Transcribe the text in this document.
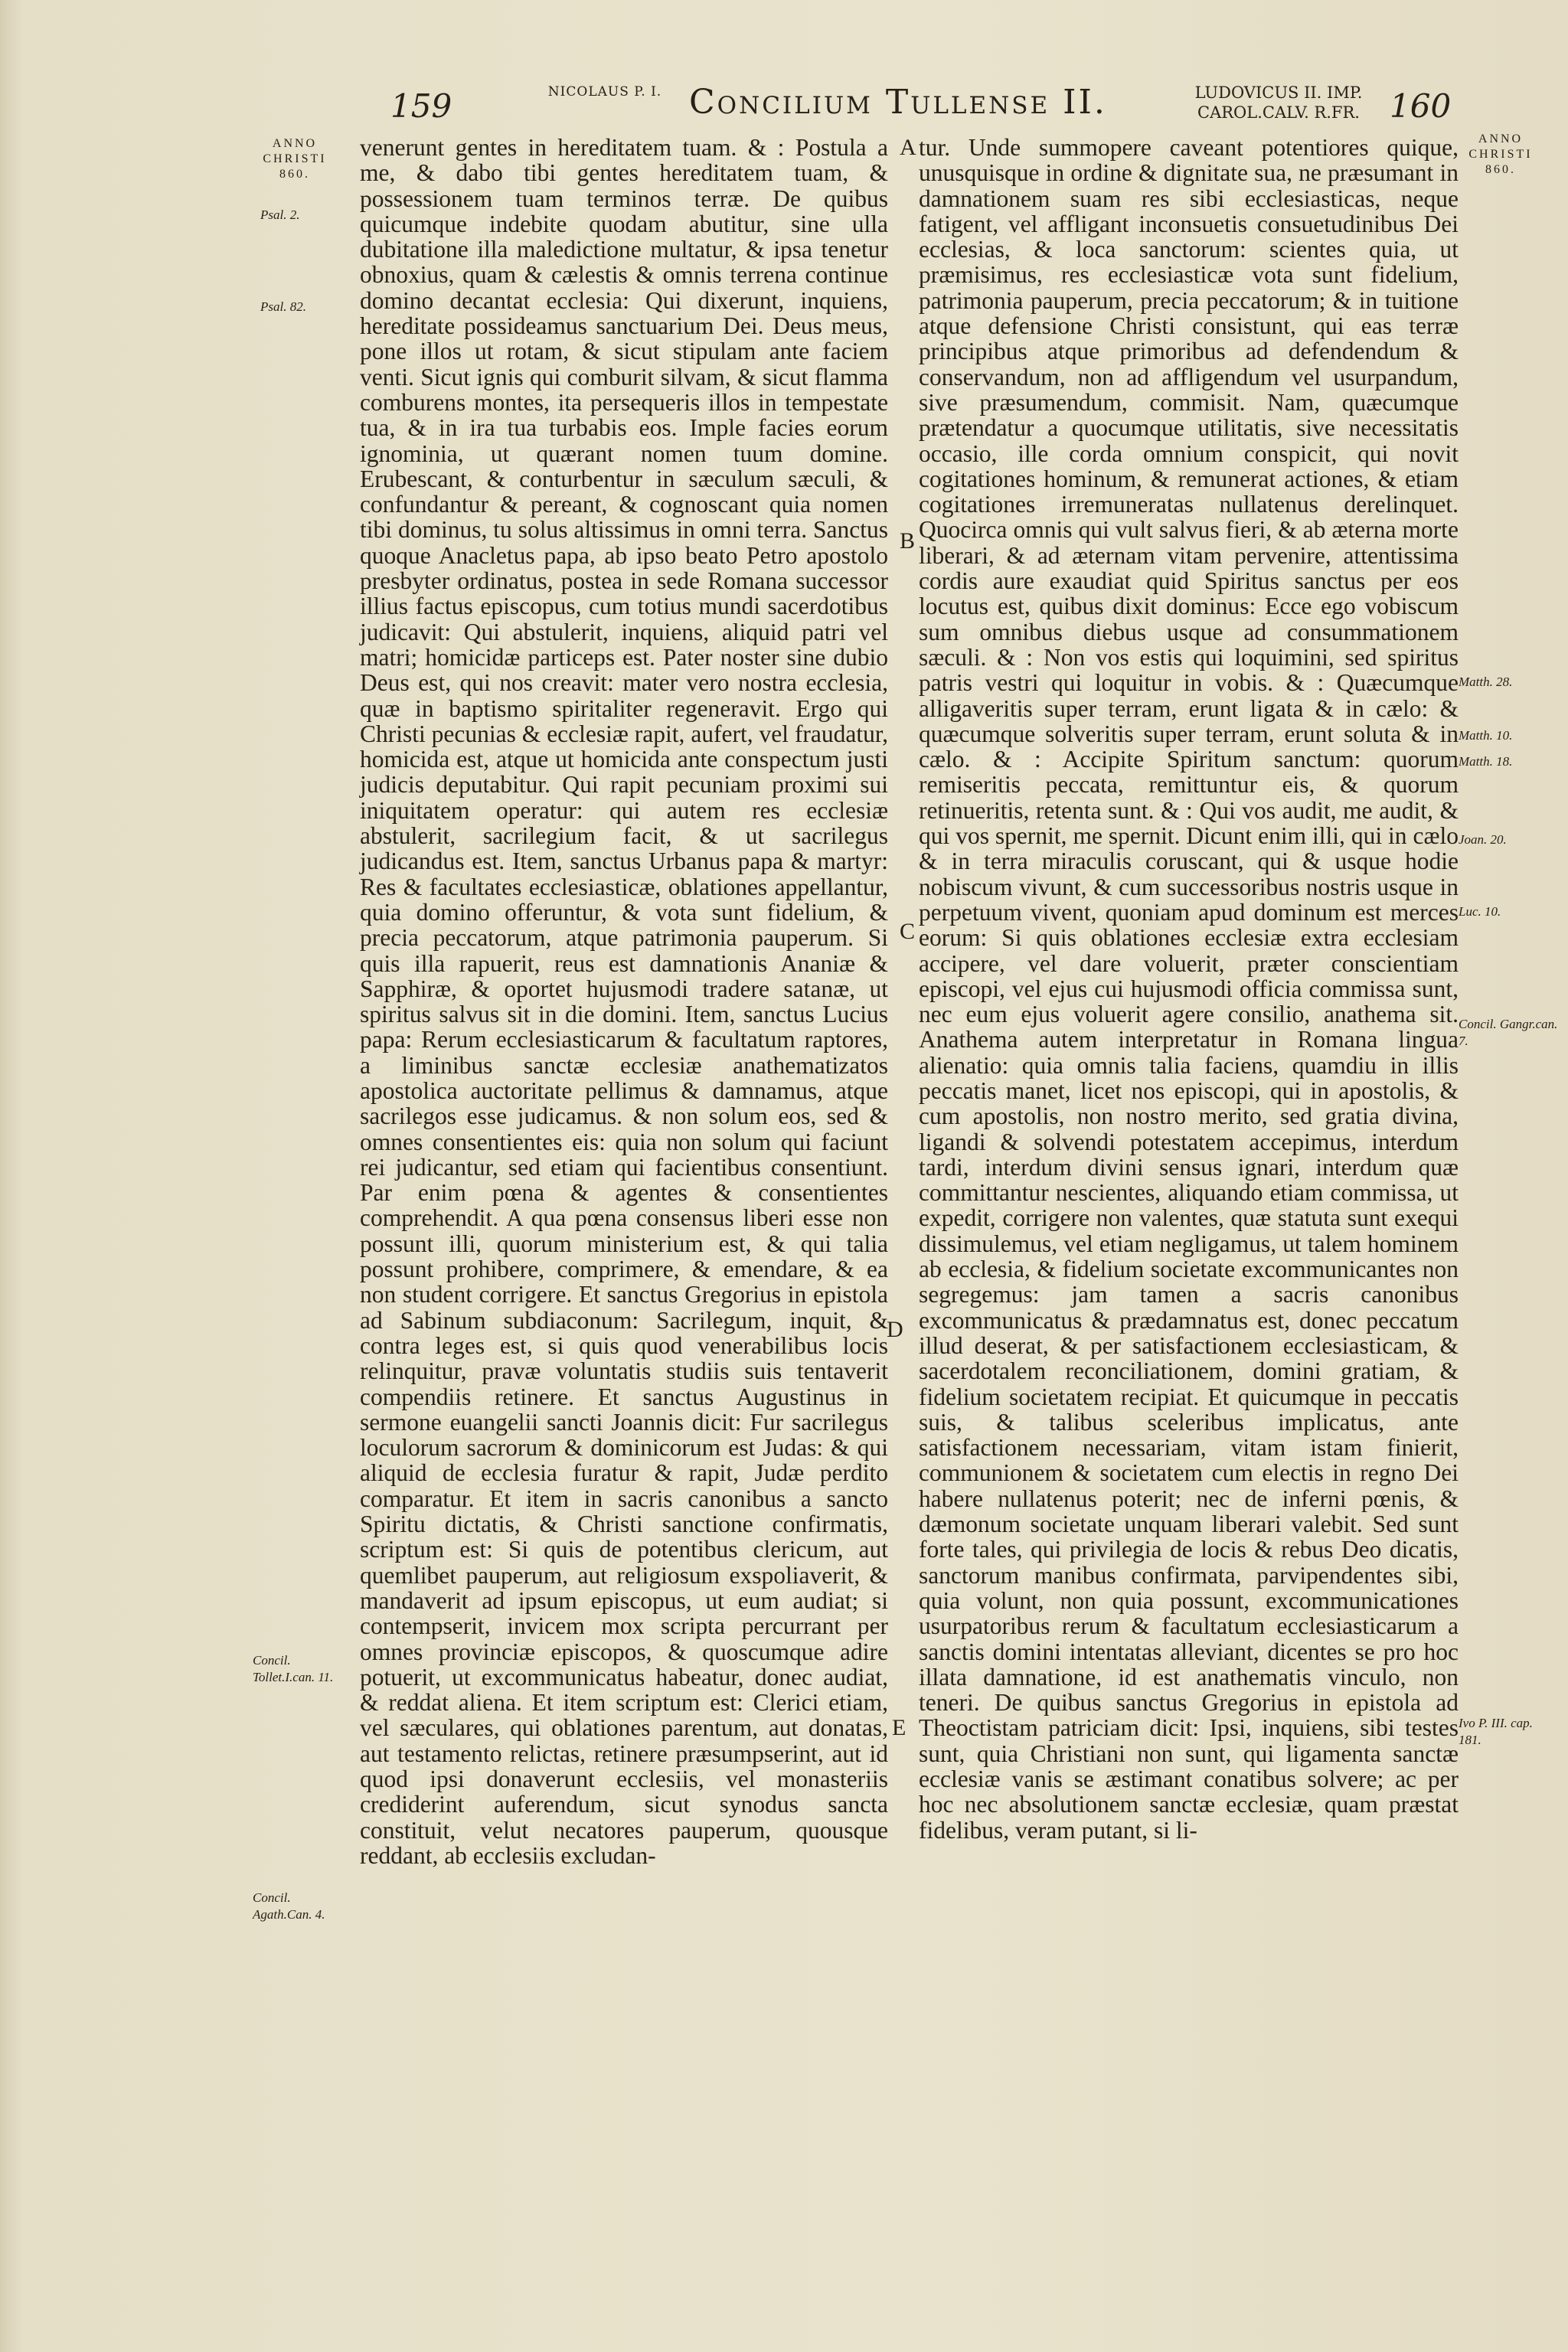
159	NICOLAUS P. I. Concilium Tullense II.	LUDOVICUS II. IMP. CAROL.CALV. R.FR. 160
ANNO CHRISTI 860.
Psal. 2.
Psal. 82.
Concil. Tollet.I.can. 11.
Concil. Agath.Can. 4.
A
B
C
D
E

venerunt gentes in hereditatem tuam. & : Postula a me, & dabo tibi gentes hereditatem tuam, & possessionem tuam terminos terræ. De quibus quicumque indebite quodam abutitur, sine ulla dubitatione illa maledictione multatur, & ipsa tenetur obnoxius, quam & cælestis & omnis terrena continue domino decantat ecclesia: Qui dixerunt, inquiens, hereditate possideamus sanctuarium Dei. Deus meus, pone illos ut rotam, & sicut stipulam ante faciem venti. Sicut ignis qui comburit silvam, & sicut flamma comburens montes, ita persequeris illos in tempestate tua, & in ira tua turbabis eos. Imple facies eorum ignominia, ut quærant nomen tuum domine. Erubescant, & conturbentur in sæculum sæculi, & confundantur & pereant, & cognoscant quia nomen tibi dominus, tu solus altissimus in omni terra. Sanctus quoque Anacletus papa, ab ipso beato Petro apostolo presbyter ordinatus, postea in sede Romana successor illius factus episcopus, cum totius mundi sacerdotibus judicavit: Qui abstulerit, inquiens, aliquid patri vel matri; homicidæ particeps est. Pater noster sine dubio Deus est, qui nos creavit: mater vero nostra ecclesia, quæ in baptismo spiritaliter regeneravit. Ergo qui Christi pecunias & ecclesiæ rapit, aufert, vel fraudatur, homicida est, atque ut homicida ante conspectum justi judicis deputabitur. Qui rapit pecuniam proximi sui iniquitatem operatur: qui autem res ecclesiæ abstulerit, sacrilegium facit, & ut sacrilegus judicandus est. Item, sanctus Urbanus papa & martyr: Res & facultates ecclesiasticæ, oblationes appellantur, quia domino offeruntur, & vota sunt fidelium, & precia peccatorum, atque patrimonia pauperum. Si quis illa rapuerit, reus est damnationis Ananiæ & Sapphiræ, & oportet hujusmodi tradere satanæ, ut spiritus salvus sit in die domini. Item, sanctus Lucius papa: Rerum ecclesiasticarum & facultatum raptores, a liminibus sanctæ ecclesiæ anathematizatos apostolica auctoritate pellimus & damnamus, atque sacrilegos esse judicamus. & non solum eos, sed & omnes consentientes eis: quia non solum qui faciunt rei judicantur, sed etiam qui facientibus consentiunt. Par enim pœna & agentes & consentientes comprehendit. A qua pœna consensus liberi esse non possunt illi, quorum ministerium est, & qui talia possunt prohibere, comprimere, & emendare, & ea non student corrigere. Et sanctus Gregorius in epistola ad Sabinum subdiaconum: Sacrilegum, inquit, & contra leges est, si quis quod venerabilibus locis relinquitur, pravæ voluntatis studiis suis tentaverit compendiis retinere. Et sanctus Augustinus in sermone euangelii sancti Joannis dicit: Fur sacrilegus loculorum sacrorum & dominicorum est Judas: & qui aliquid de ecclesia furatur & rapit, Judæ perdito comparatur. Et item in sacris canonibus a sancto Spiritu dictatis, & Christi sanctione confirmatis, scriptum est: Si quis de potentibus clericum, aut quemlibet pauperum, aut religiosum exspoliaverit, & mandaverit ad ipsum episcopus, ut eum audiat; si contempserit, invicem mox scripta percurrant per omnes provinciæ episcopos, & quoscumque adire potuerit, ut excommunicatus habeatur, donec audiat, & reddat aliena. Et item scriptum est: Clerici etiam, vel sæculares, qui oblationes parentum, aut donatas, aut testamento relictas, retinere præsumpserint, aut id quod ipsi donaverunt ecclesiis, vel monasteriis crediderint auferendum, sicut synodus sancta constituit, velut necatores pauperum, quousque reddant, ab ecclesiis excludan-

tur. Unde summopere caveant potentiores quique, unusquisque in ordine & dignitate sua, ne præsumant in damnationem suam res sibi ecclesiasticas, neque fatigent, vel affligant inconsuetis consuetudinibus Dei ecclesias, & loca sanctorum: scientes quia, ut præmisimus, res ecclesiasticæ vota sunt fidelium, patrimonia pauperum, precia peccatorum; & in tuitione atque defensione Christi consistunt, qui eas terræ principibus atque primoribus ad defendendum & conservandum, non ad affligendum vel usurpandum, sive præsumendum, commisit. Nam, quæcumque prætendatur a quocumque utilitatis, sive necessitatis occasio, ille corda omnium conspicit, qui novit cogitationes hominum, & remunerat actiones, & etiam cogitationes irremuneratas nullatenus derelinquet. Quocirca omnis qui vult salvus fieri, & ab æterna morte liberari, & ad æternam vitam pervenire, attentissima cordis aure exaudiat quid Spiritus sanctus per eos locutus est, quibus dixit dominus: Ecce ego vobiscum sum omnibus diebus usque ad consummationem sæculi. & : Non vos estis qui loquimini, sed spiritus patris vestri qui loquitur in vobis. & : Quæcumque alligaveritis super terram, erunt ligata & in cælo: & quæcumque solveritis super terram, erunt soluta & in cælo. & : Accipite Spiritum sanctum: quorum remiseritis peccata, remittuntur eis, & quorum retinueritis, retenta sunt. & : Qui vos audit, me audit, & qui vos spernit, me spernit. Dicunt enim illi, qui in cælo & in terra miraculis coruscant, qui & usque hodie nobiscum vivunt, & cum successoribus nostris usque in perpetuum vivent, quoniam apud dominum est merces eorum: Si quis oblationes ecclesiæ extra ecclesiam accipere, vel dare voluerit, præter conscientiam episcopi, vel ejus cui hujusmodi officia commissa sunt, nec eum ejus voluerit agere consilio, anathema sit. Anathema autem interpretatur in Romana lingua alienatio: quia omnis talia faciens, quamdiu in illis peccatis manet, licet nos episcopi, qui in apostolis, & cum apostolis, non nostro merito, sed gratia divina, ligandi & solvendi potestatem accepimus, interdum tardi, interdum divini sensus ignari, interdum quæ committantur nescientes, aliquando etiam commissa, ut expedit, corrigere non valentes, quæ statuta sunt exequi dissimulemus, vel etiam negligamus, ut talem hominem ab ecclesia, & fidelium societate excommunicantes non segregemus: jam tamen a sacris canonibus excommunicatus & prædamnatus est, donec peccatum illud deserat, & per satisfactionem ecclesiasticam, & sacerdotalem reconciliationem, domini gratiam, & fidelium societatem recipiat. Et quicumque in peccatis suis, & talibus sceleribus implicatus, ante satisfactionem necessariam, vitam istam finierit, communionem & societatem cum electis in regno Dei habere nullatenus poterit; nec de inferni pœnis, & dæmonum societate unquam liberari valebit. Sed sunt forte tales, qui privilegia de locis & rebus Deo dicatis, sanctorum manibus confirmata, parvipendentes sibi, quia volunt, non quia possunt, excommunicationes usurpatoribus rerum & facultatum ecclesiasticarum a sanctis domini intentatas alleviant, dicentes se pro hoc illata damnatione, id est anathematis vinculo, non teneri. De quibus sanctus Gregorius in epistola ad Theoctistam patriciam dicit: Ipsi, inquiens, sibi testes sunt, quia Christiani non sunt, qui ligamenta sanctæ ecclesiæ vanis se æstimant conatibus solvere; ac per hoc nec absolutionem sanctæ ecclesiæ, quam præstat fidelibus, veram putant, si li-

ANNO CHRISTI 860.
Matth. 28.
Matth. 10.
Matth. 18.
Joan. 20.
Luc. 10.
Concil. Gangr.can. 7.
Ivo P. III. cap. 181.
